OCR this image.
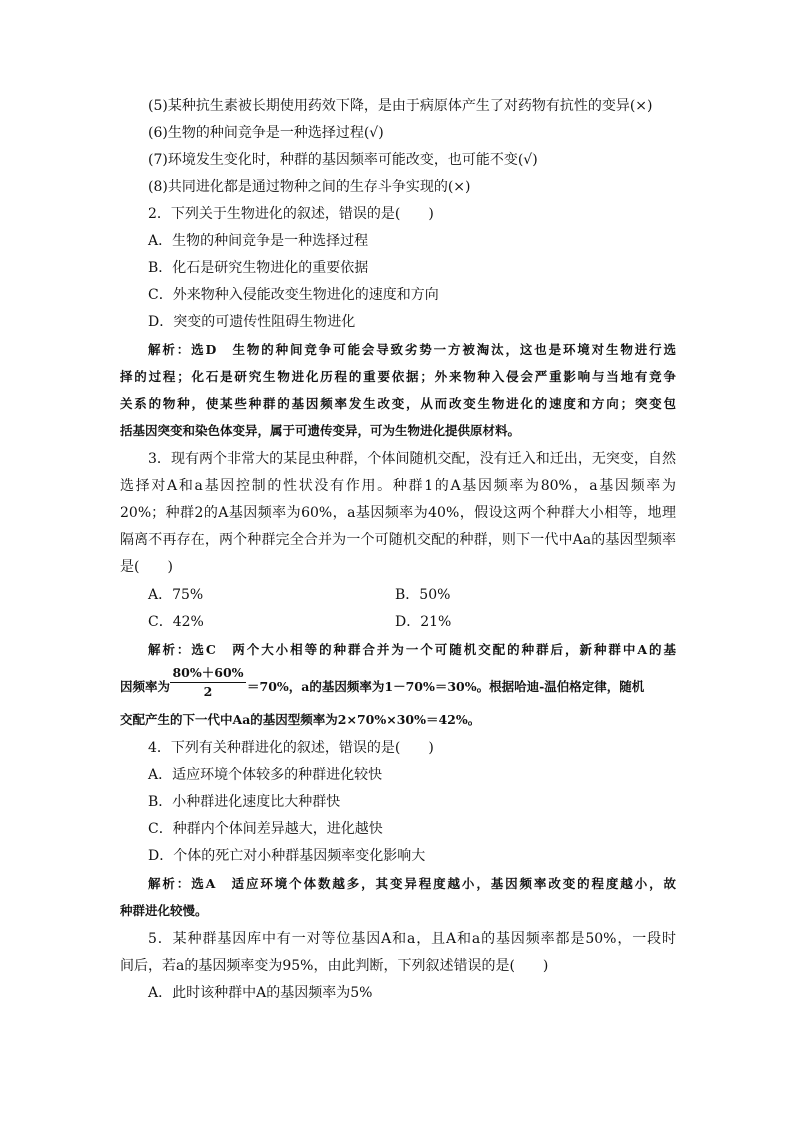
(5)某种抗生素被长期使用药效下降，是由于病原体产生了对药物有抗性的变异(×)
(6)生物的种间竞争是一种选择过程(√)
(7)环境发生变化时，种群的基因频率可能改变，也可能不变(√)
(8)共同进化都是通过物种之间的生存斗争实现的(×)
2．下列关于生物进化的叙述，错误的是(　　)
A．生物的种间竞争是一种选择过程
B．化石是研究生物进化的重要依据
C．外来物种入侵能改变生物进化的速度和方向
D．突变的可遗传性阻碍生物进化
解析：选D　生物的种间竞争可能会导致劣势一方被淘汰，这也是环境对生物进行选
择的过程；化石是研究生物进化历程的重要依据；外来物种入侵会严重影响与当地有竞争
关系的物种，使某些种群的基因频率发生改变，从而改变生物进化的速度和方向；突变包
括基因突变和染色体变异，属于可遗传变异，可为生物进化提供原材料。
3．现有两个非常大的某昆虫种群，个体间随机交配，没有迁入和迁出，无突变，自然
选择对A和a基因控制的性状没有作用。种群1的A基因频率为80%，a基因频率为
20%；种群2的A基因频率为60%，a基因频率为40%，假设这两个种群大小相等，地理
隔离不再存在，两个种群完全合并为一个可随机交配的种群，则下一代中Aa的基因型频率
是(　　)
A．75%	B．50%
C．42%	D．21%
解析：选C　两个大小相等的种群合并为一个可随机交配的种群后，新种群中A的基
因频率为 $\frac{80\%+60\%}{2} =70\%$，a的基因频率为1－70%＝30%。根据哈迪-温伯格定律，随机
交配产生的下一代中Aa的基因型频率为2×70%×30%＝42%。
4．下列有关种群进化的叙述，错误的是(　　)
A．适应环境个体较多的种群进化较快
B．小种群进化速度比大种群快
C．种群内个体间差异越大，进化越快
D．个体的死亡对小种群基因频率变化影响大
解析：选A　适应环境个体数越多，其变异程度越小，基因频率改变的程度越小，故
种群进化较慢。
5．某种群基因库中有一对等位基因A和a，且A和a的基因频率都是50%，一段时
间后，若a的基因频率变为95%，由此判断，下列叙述错误的是(　　)
A．此时该种群中A的基因频率为5%
